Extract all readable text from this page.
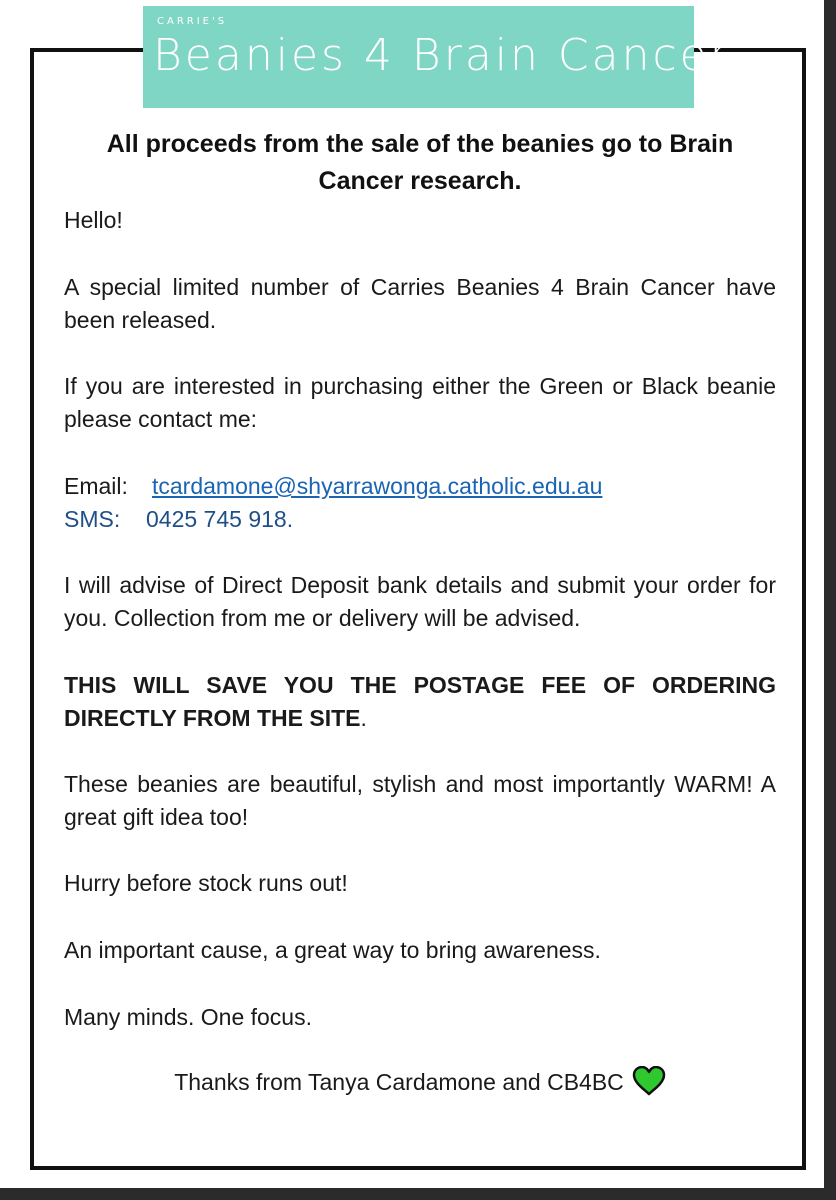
CARRIE'S
Beanies 4 Brain Cancer
All proceeds from the sale of the beanies go to Brain Cancer research.

Hello!

A special limited number of Carries Beanies 4 Brain Cancer have been released.

If you are interested in purchasing either the Green or Black beanie please contact me:

Email: tcardamone@shyarrawonga.catholic.edu.au
SMS: 0425 745 918.

I will advise of Direct Deposit bank details and submit your order for you. Collection from me or delivery will be advised.

THIS WILL SAVE YOU THE POSTAGE FEE OF ORDERING DIRECTLY FROM THE SITE.

These beanies are beautiful, stylish and most importantly WARM! A great gift idea too!

Hurry before stock runs out!

An important cause, a great way to bring awareness.

Many minds. One focus.

Thanks from Tanya Cardamone and CB4BC
